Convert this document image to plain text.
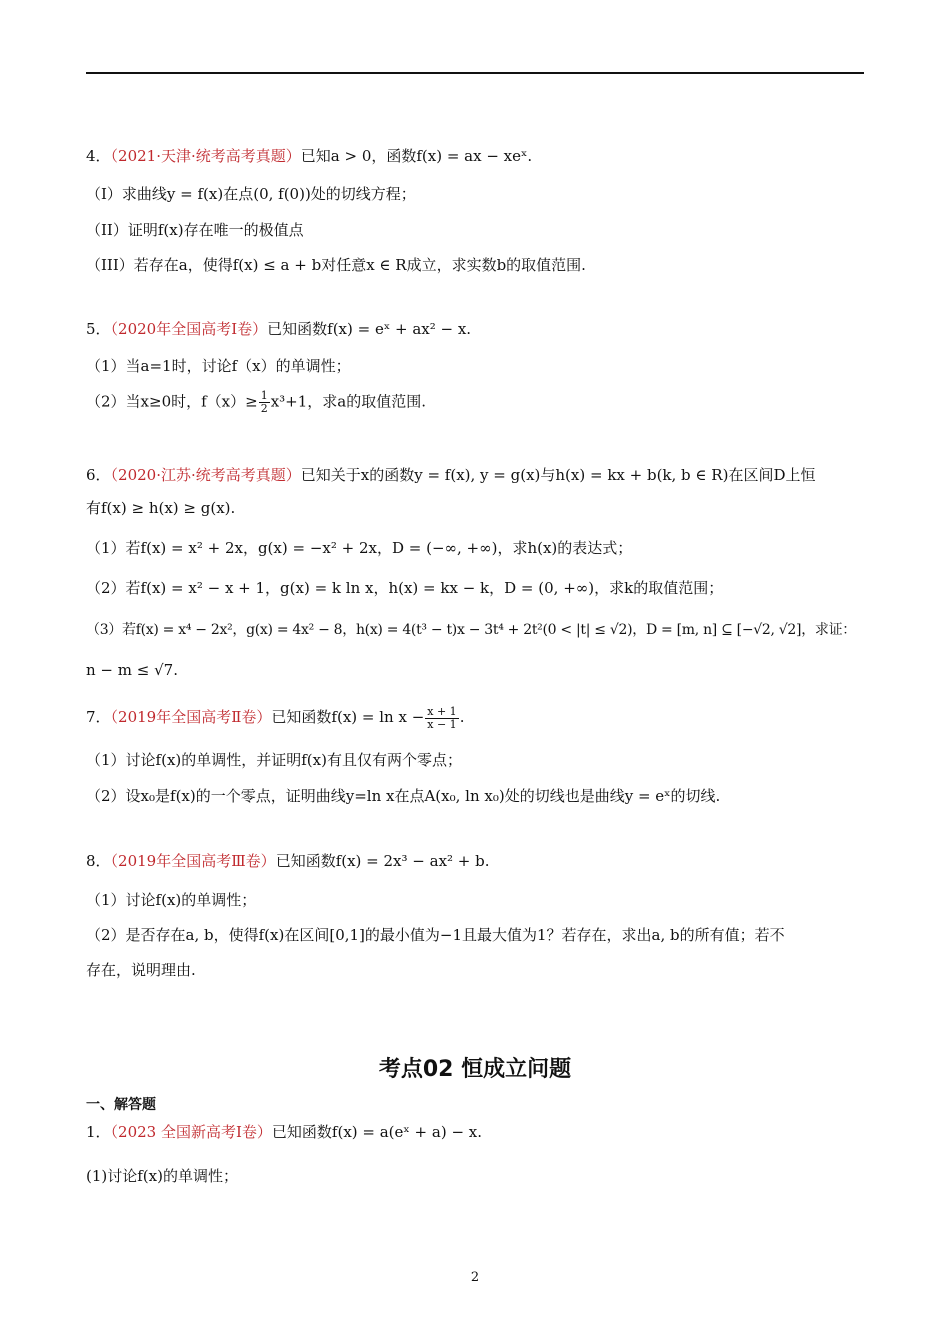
4．（2021·天津·统考高考真题）已知a > 0，函数f(x) = ax − xeˣ.
（I）求曲线y = f(x)在点(0, f(0))处的切线方程；
（II）证明f(x)存在唯一的极值点
（III）若存在a，使得f(x) ≤ a + b对任意x ∈ R成立，求实数b的取值范围.
5．（2020年全国高考Ⅰ卷）已知函数f(x) = eˣ + ax² − x.
（1）当a=1时，讨论f（x）的单调性；
（2）当x≥0时，$f(x)\ge \frac{1}{2} x^3+1$，求a的取值范围.
6．（2020·江苏·统考高考真题）已知关于x的函数y = f(x), y = g(x)与h(x) = kx + b(k, b ∈ R)在区间D上恒
有f(x) ≥ h(x) ≥ g(x).
（1）若f(x) = x² + 2x，g(x) = −x² + 2x，D = (−∞, +∞)，求h(x)的表达式；
（2）若f(x) = x² − x + 1，g(x) = k ln x，h(x) = kx − k，D = (0, +∞)，求k的取值范围；
（3）若f(x) = x⁴ − 2x²，g(x) = 4x² − 8，h(x) = 4(t³ − t)x − 3t⁴ + 2t²(0 < |t| ≤ √2)，D = [m, n] ⊆ [−√2, √2]，求证：
n − m ≤ √7.
7．（2019年全国高考Ⅱ卷）已知函数$f(x) = \ln x - \frac{x + 1}{x - 1}$ .
（1）讨论f(x)的单调性，并证明f(x)有且仅有两个零点；
（2）设x₀是f(x)的一个零点，证明曲线y=ln x在点A(x₀, ln x₀)处的切线也是曲线y = eˣ的切线.
8．（2019年全国高考Ⅲ卷）已知函数f(x) = 2x³ − ax² + b.
（1）讨论f(x)的单调性；
（2）是否存在a, b，使得f(x)在区间[0,1]的最小值为−1且最大值为1？若存在，求出a, b的所有值；若不
存在，说明理由.
考点02 恒成立问题
一、解答题
1．（2023 全国新高考Ⅰ卷）已知函数f(x) = a(eˣ + a) − x.
(1)讨论f(x)的单调性；
2
